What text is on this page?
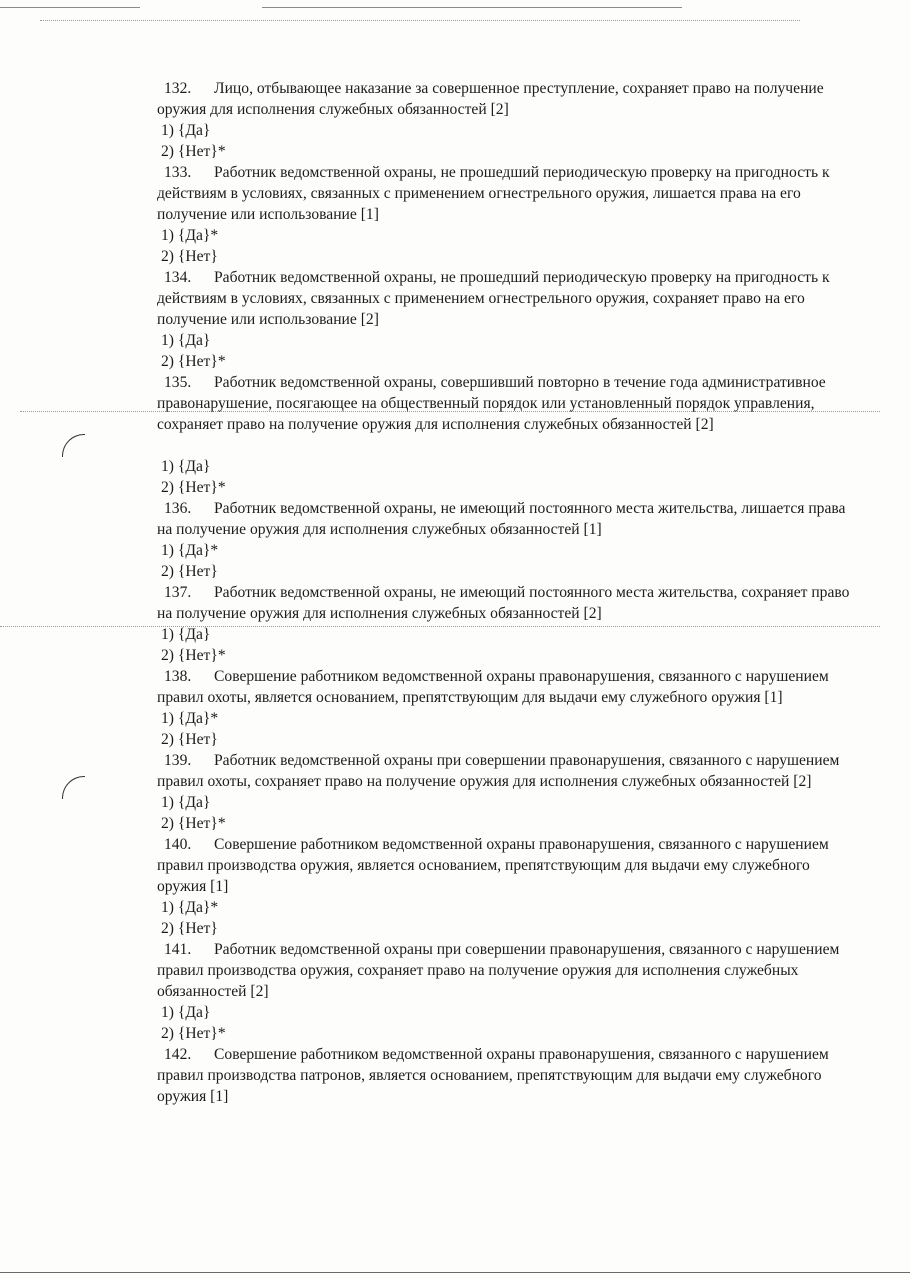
132. Лицо, отбывающее наказание за совершенное преступление, сохраняет право на получение оружия для исполнения служебных обязанностей [2]

1) {Да}

2) {Нет}*

133. Работник ведомственной охраны, не прошедший периодическую проверку на пригодность к действиям в условиях, связанных с применением огнестрельного оружия, лишается права на его получение или использование [1]

1) {Да}*

2) {Нет}

134. Работник ведомственной охраны, не прошедший периодическую проверку на пригодность к действиям в условиях, связанных с применением огнестрельного оружия, сохраняет право на его получение или использование [2]

1) {Да}

2) {Нет}*

135. Работник ведомственной охраны, совершивший повторно в течение года административное правонарушение, посягающее на общественный порядок или установленный порядок управления, сохраняет право на получение оружия для исполнения служебных обязанностей [2]

1) {Да}

2) {Нет}*

136. Работник ведомственной охраны, не имеющий постоянного места жительства, лишается права на получение оружия для исполнения служебных обязанностей [1]

1) {Да}*

2) {Нет}

137. Работник ведомственной охраны, не имеющий постоянного места жительства, сохраняет право на получение оружия для исполнения служебных обязанностей [2]

1) {Да}

2) {Нет}*

138. Совершение работником ведомственной охраны правонарушения, связанного с нарушением правил охоты, является основанием, препятствующим для выдачи ему служебного оружия [1]

1) {Да}*

2) {Нет}

139. Работник ведомственной охраны при совершении правонарушения, связанного с нарушением правил охоты, сохраняет право на получение оружия для исполнения служебных обязанностей [2]

1) {Да}

2) {Нет}*

140. Совершение работником ведомственной охраны правонарушения, связанного с нарушением правил производства оружия, является основанием, препятствующим для выдачи ему служебного оружия [1]

1) {Да}*

2) {Нет}

141. Работник ведомственной охраны при совершении правонарушения, связанного с нарушением правил производства оружия, сохраняет право на получение оружия для исполнения служебных обязанностей [2]

1) {Да}

2) {Нет}*

142. Совершение работником ведомственной охраны правонарушения, связанного с нарушением правил производства патронов, является основанием, препятствующим для выдачи ему служебного оружия [1]
